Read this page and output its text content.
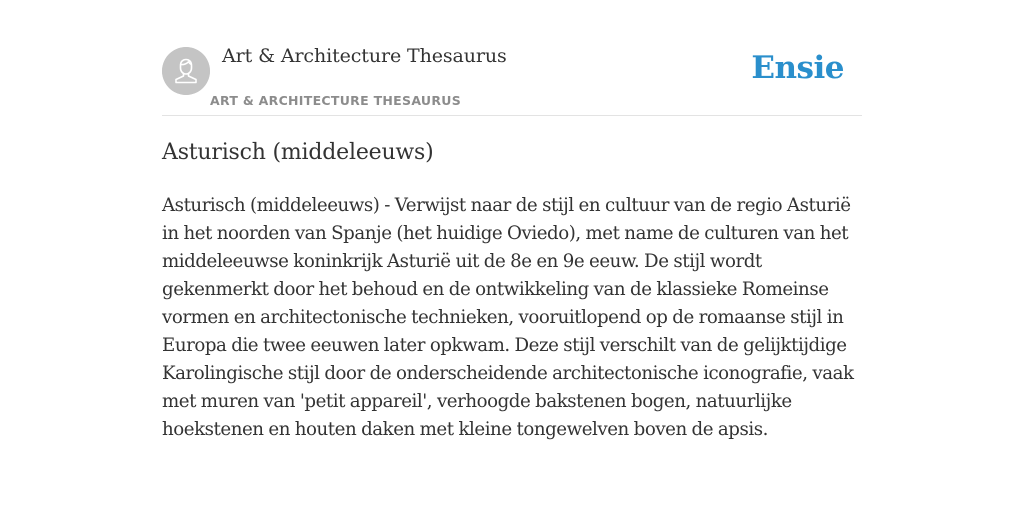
Art & Architecture Thesaurus
ART & ARCHITECTURE THESAURUS
Ensie
Asturisch (middeleeuws)

Asturisch (middeleeuws) - Verwijst naar de stijl en cultuur van de regio Asturië in het noorden van Spanje (het huidige Oviedo), met name de culturen van het middeleeuwse koninkrijk Asturië uit de 8e en 9e eeuw. De stijl wordt gekenmerkt door het behoud en de ontwikkeling van de klassieke Romeinse vormen en architectonische technieken, vooruitlopend op de romaanse stijl in Europa die twee eeuwen later opkwam. Deze stijl verschilt van de gelijktijdige Karolingische stijl door de onderscheidende architectonische iconografie, vaak met muren van 'petit appareil', verhoogde bakstenen bogen, natuurlijke hoekstenen en houten daken met kleine tongewelven boven de apsis.
